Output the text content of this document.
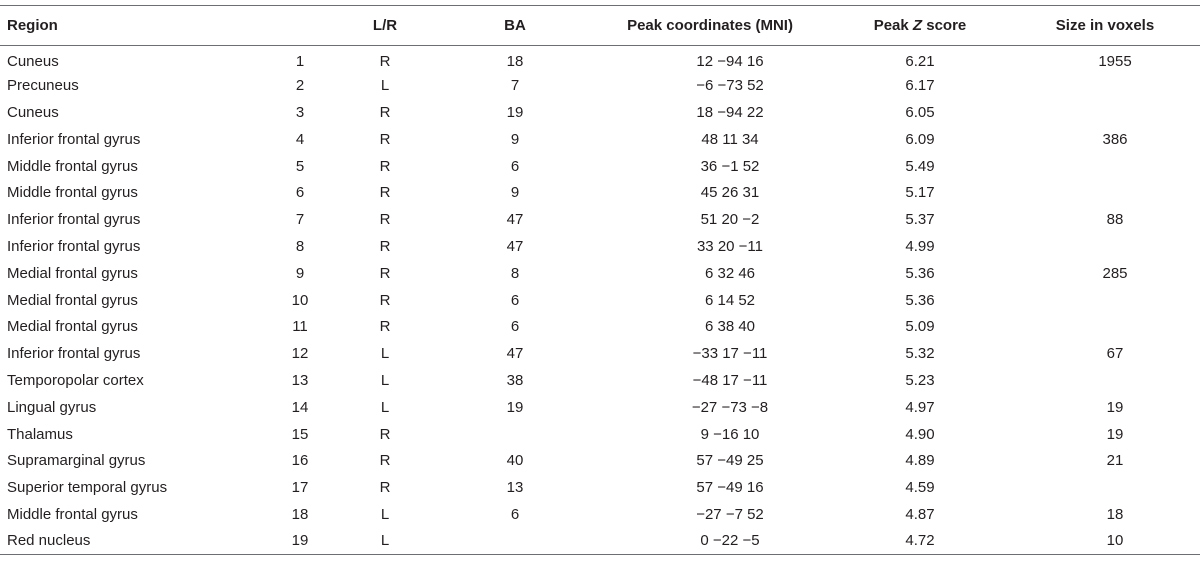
Region		L/R	BA	Peak coordinates (MNI)	Peak Z score	Size in voxels
Cuneus	1	R	18	12 −94 16	6.21	1955
Precuneus	2	L	7	−6 −73 52	6.17	
Cuneus	3	R	19	18 −94 22	6.05	
Inferior frontal gyrus	4	R	9	48 11 34	6.09	386
Middle frontal gyrus	5	R	6	36 −1 52	5.49	
Middle frontal gyrus	6	R	9	45 26 31	5.17	
Inferior frontal gyrus	7	R	47	51 20 −2	5.37	88
Inferior frontal gyrus	8	R	47	33 20 −11	4.99	
Medial frontal gyrus	9	R	8	6 32 46	5.36	285
Medial frontal gyrus	10	R	6	6 14 52	5.36	
Medial frontal gyrus	11	R	6	6 38 40	5.09	
Inferior frontal gyrus	12	L	47	−33 17 −11	5.32	67
Temporopolar cortex	13	L	38	−48 17 −11	5.23	
Lingual gyrus	14	L	19	−27 −73 −8	4.97	19
Thalamus	15	R		9 −16 10	4.90	19
Supramarginal gyrus	16	R	40	57 −49 25	4.89	21
Superior temporal gyrus	17	R	13	57 −49 16	4.59	
Middle frontal gyrus	18	L	6	−27 −7 52	4.87	18
Red nucleus	19	L		0 −22 −5	4.72	10
